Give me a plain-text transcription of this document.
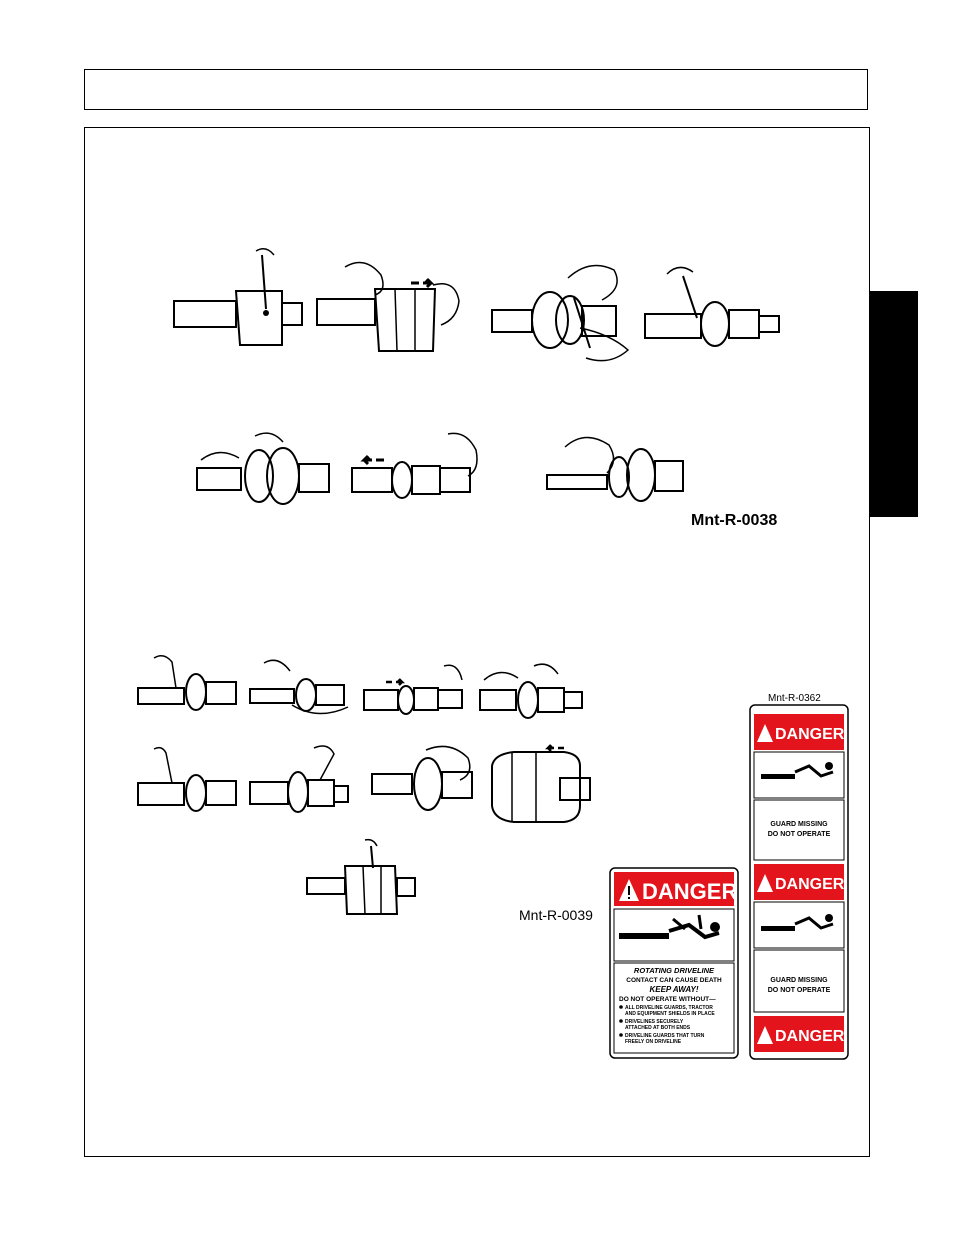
Mnt-R-0038
Mnt-R-0039
Mnt-R-0362
DANGER
ROTATING DRIVELINE
CONTACT CAN CAUSE DEATH
KEEP AWAY!
DO NOT OPERATE WITHOUT—
ALL DRIVELINE GUARDS, TRACTOR
AND EQUIPMENT SHIELDS IN PLACE
DRIVELINES SECURELY
ATTACHED AT BOTH ENDS
DRIVELINE GUARDS THAT TURN
FREELY ON DRIVELINE
DANGER
GUARD MISSING
DO NOT OPERATE
DANGER
GUARD MISSING
DO NOT OPERATE
DANGER
